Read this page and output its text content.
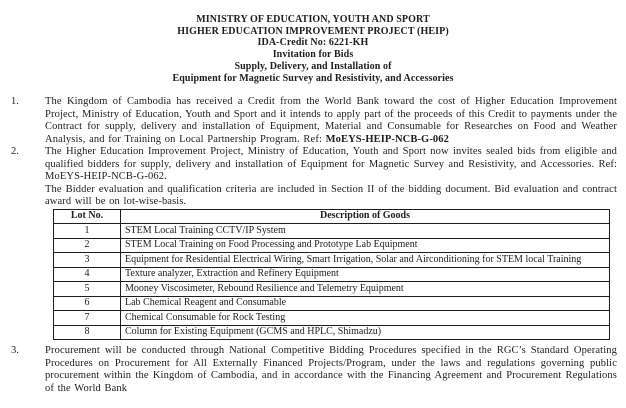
MINISTRY OF EDUCATION, YOUTH AND SPORT
HIGHER EDUCATION IMPROVEMENT PROJECT (HEIP)
IDA-Credit No: 6221-KH
Invitation for Bids
Supply, Delivery, and Installation of
Equipment for Magnetic Survey and Resistivity, and Accessories
1. The Kingdom of Cambodia has received a Credit from the World Bank toward the cost of Higher Education Improvement Project, Ministry of Education, Youth and Sport and it intends to apply part of the proceeds of this Credit to payments under the Contract for supply, delivery and installation of Equipment, Material and Consumable for Researches on Food and Weather Analysis, and for Training on Local Partnership Program. Ref: MoEYS-HEIP-NCB-G-062
2. The Higher Education Improvement Project, Ministry of Education, Youth and Sport now invites sealed bids from eligible and qualified bidders for supply, delivery and installation of Equipment for Magnetic Survey and Resistivity, and Accessories. Ref: MoEYS-HEIP-NCB-G-062.
The Bidder evaluation and qualification criteria are included in Section II of the bidding document. Bid evaluation and contract award will be on lot-wise-basis.
Lot No.	Description of Goods
1	STEM Local Training CCTV/IP System
2	STEM Local Training on Food Processing and Prototype Lab Equipment
3	Equipment for Residential Electrical Wiring, Smart Irrigation, Solar and Airconditioning for STEM local Training
4	Texture analyzer, Extraction and Refinery Equipment
5	Mooney Viscosimeter, Rebound Resilience and Telemetry Equipment
6	Lab Chemical Reagent and Consumable
7	Chemical Consumable for Rock Testing
8	Column for Existing Equipment (GCMS and HPLC, Shimadzu)
3. Procurement will be conducted through National Competitive Bidding Procedures specified in the RGC’s Standard Operating Procedures on Procurement for All Externally Financed Projects/Program, under the laws and regulations governing public procurement within the Kingdom of Cambodia, and in accordance with the Financing Agreement and Procurement Regulations of the World Bank
